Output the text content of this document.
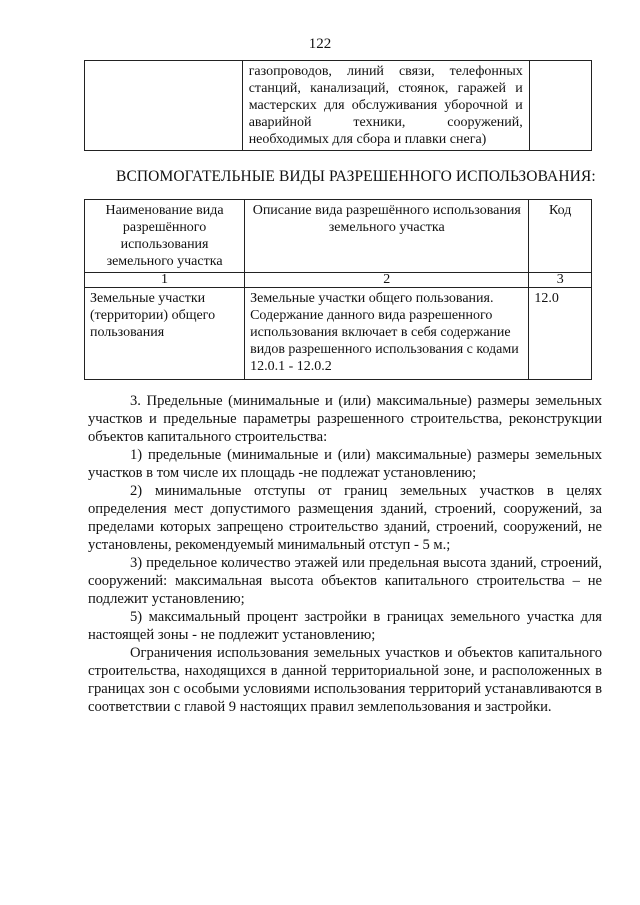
122
	газопроводов, линий связи, телефонных станций, канализаций, стоянок, гаражей и мастерских для обслуживания уборочной и аварийной техники, сооружений, необходимых для сбора и плавки снега)	
ВСПОМОГАТЕЛЬНЫЕ ВИДЫ РАЗРЕШЕННОГО ИСПОЛЬЗОВАНИЯ:
Наименование вида разрешённого использования земельного участка	Описание вида разрешённого использования земельного участка	Код
1	2	3
Земельные участки (территории) общего пользования	Земельные участки общего пользования. Содержание данного вида разрешенного использования включает в себя содержание видов разрешенного использования с кодами 12.0.1 - 12.0.2	12.0

3. Предельные (минимальные и (или) максимальные) размеры земельных участков и предельные параметры разрешенного строительства, реконструкции объектов капитального строительства:

1) предельные (минимальные и (или) максимальные) размеры земельных участков в том числе их площадь -не подлежат установлению;

2) минимальные отступы от границ земельных участков в целях определения мест допустимого размещения зданий, строений, сооружений, за пределами которых запрещено строительство зданий, строений, сооружений, не установлены, рекомендуемый минимальный отступ - 5 м.;

3) предельное количество этажей или предельная высота зданий, строений, сооружений: максимальная высота объектов капитального строительства – не подлежит установлению;

5) максимальный процент застройки в границах земельного участка для настоящей зоны - не подлежит установлению;

Ограничения использования земельных участков и объектов капитального строительства, находящихся в данной территориальной зоне, и расположенных в границах зон с особыми условиями использования территорий устанавливаются в соответствии с главой 9 настоящих правил землепользования и застройки.
